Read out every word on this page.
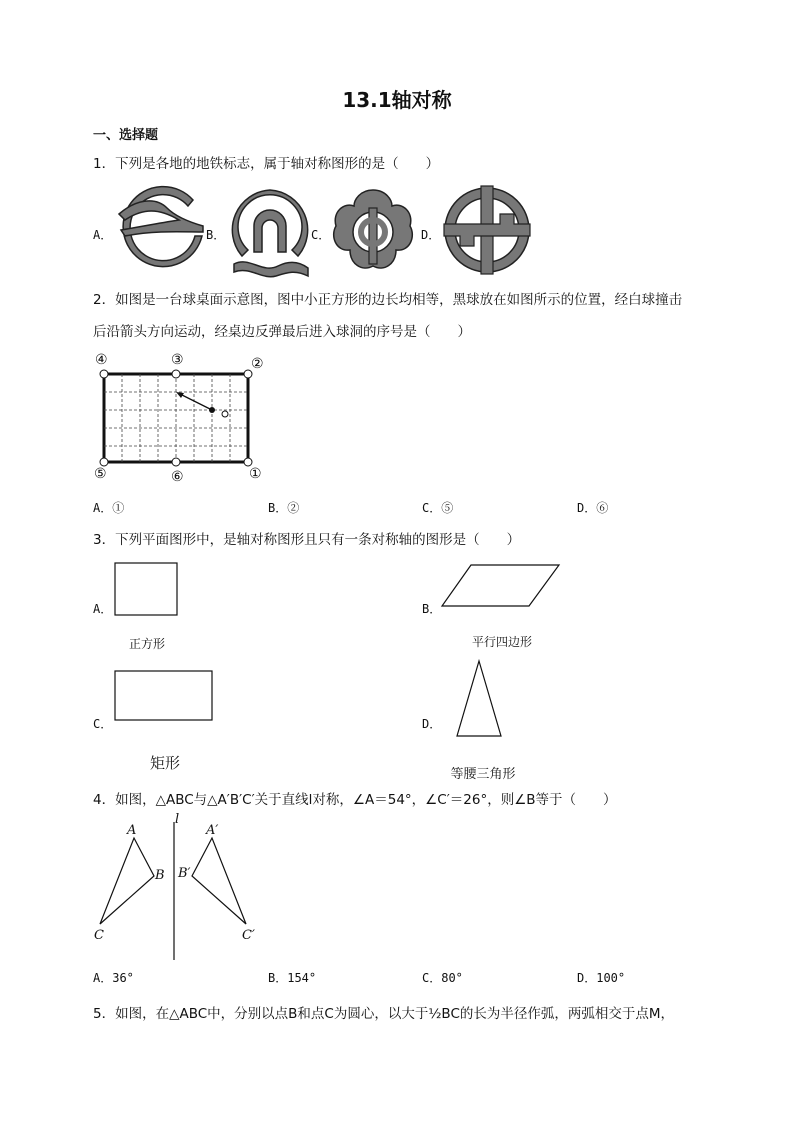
13.1轴对称
一、选择题
1．下列是各地的地铁标志，属于轴对称图形的是（　　）
A．	B．	C．	D．
2．如图是一台球桌面示意图，图中小正方形的边长均相等，黑球放在如图所示的位置，经白球撞击
后沿箭头方向运动，经桌边反弹最后进入球洞的序号是（　　）
④	③	②
⑤	⑥	①
A．①	B．②	C．⑤	D．⑥
3．下列平面图形中，是轴对称图形且只有一条对称轴的图形是（　　）
A．
正方形
B．
平行四边形
C．
矩形
D．
等腰三角形
4．如图，△ABC与△A′B′C′关于直线l对称，∠A＝54°，∠C′＝26°，则∠B等于（　　）
A
B
C
A′
B′
C′
l
A．36°	B．154°	C．80°	D．100°
5．如图，在△ABC中，分别以点B和点C为圆心，以大于½BC的长为半径作弧，两弧相交于点M，
